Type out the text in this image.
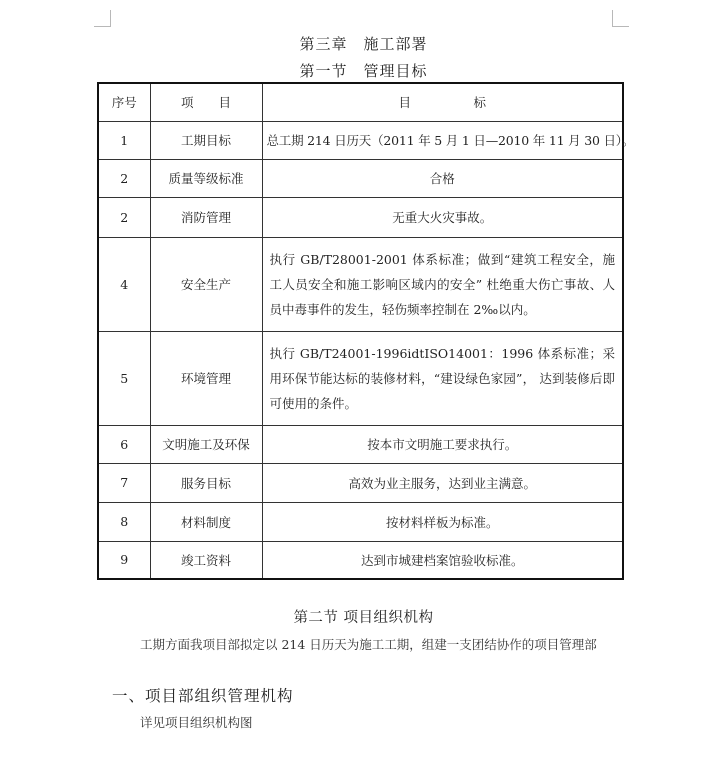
第三章　施工部署
第一节　管理目标
序号	项　　目	目　　　　　标
1	工期目标	总工期 214 日历天（2011 年 5 月 1 日—2010 年 11 月 30 日）。
2	质量等级标准	合格
2	消防管理	无重大火灾事故。
4	安全生产	执行 GB/T28001-2001 体系标准；做到“建筑工程安全，施工人员安全和施工影响区域内的安全” 杜绝重大伤亡事故、人员中毒事件的发生，轻伤频率控制在 2‰以内。
5	环境管理	执行 GB/T24001-1996idtISO14001：1996 体系标准；采用环保节能达标的装修材料，“建设绿色家园”， 达到装修后即可使用的条件。
6	文明施工及环保	按本市文明施工要求执行。
7	服务目标	高效为业主服务，达到业主满意。
8	材料制度	按材料样板为标准。
9	竣工资料	达到市城建档案馆验收标准。
第二节 项目组织机构
工期方面我项目部拟定以 214 日历天为施工工期，组建一支团结协作的项目管理部
一、项目部组织管理机构
详见项目组织机构图
